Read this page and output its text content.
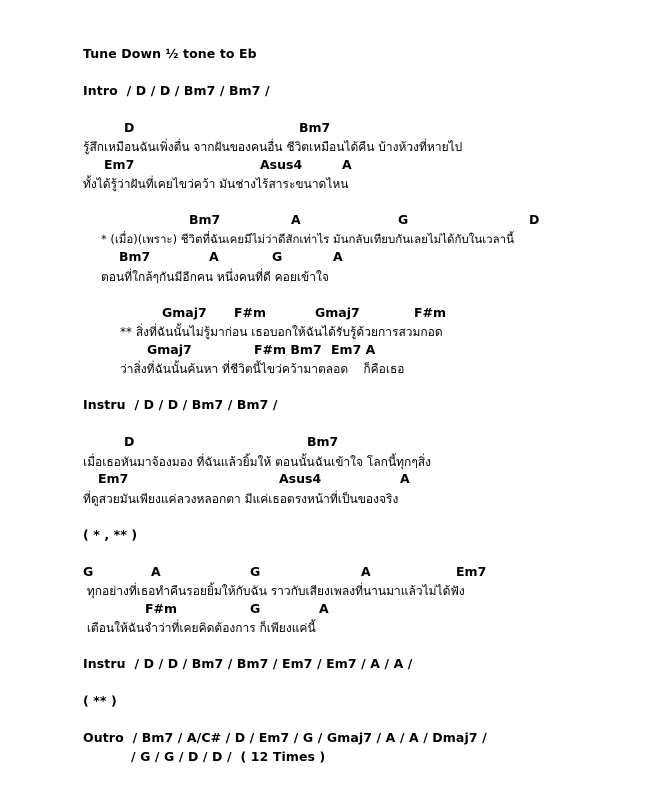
Tune Down ½ tone to Eb
Intro  / D / D / Bm7 / Bm7 /
D	Bm7
รู้สึกเหมือนฉันเพิ่งตื่น จากฝันของคนอื่น ชีวิตเหมือนได้คืน บ้างห้วงที่หายไป
Em7	Asus4	A
ทั้งได้รู้ว่าฝันที่เคยไขว่คว้า มันช่างไร้สาระขนาดไหน
Bm7	A	G	D
* (เมื่อ)(เพราะ) ชีวิตที่ฉันเคยมีไม่ว่าดีสักเท่าไร มันกลับเทียบกันเลยไม่ได้กับในเวลานี้
Bm7	A	G	A
ตอนที่ใกล้ๆกันมีอีกคน หนึ่งคนที่ดี คอยเข้าใจ
Gmaj7 F#m	Gmaj7	F#m
** สิ่งที่ฉันนั้นไม่รู้มาก่อน เธอบอกให้ฉันได้รับรู้ด้วยการสวมกอด
Gmaj7	F#m Bm7 Em7 A
ว่าสิ่งที่ฉันนั้นค้นหา ที่ชีวิตนี้ไขว่คว้ามาตลอด    ก็คือเธอ
Instru  / D / D / Bm7 / Bm7 /
D	Bm7
เมื่อเธอหันมาจ้องมอง ที่ฉันแล้วยิ้มให้ ตอนนั้นฉันเข้าใจ โลกนี้ทุกๆสิ่ง
Em7	Asus4	A
ที่ดูสวยมันเพียงแค่ลวงหลอกตา มีแค่เธอตรงหน้าที่เป็นของจริง
( * , ** )
G	A	G	A	Em7
ทุกอย่างที่เธอทำคืนรอยยิ้มให้กับฉัน ราวกับเสียงเพลงที่นานมาแล้วไม่ได้ฟัง
F#m	G	A
เตือนให้ฉันจำว่าที่เคยคิดต้องการ ก็เพียงแค่นี้
Instru  / D / D / Bm7 / Bm7 / Em7 / Em7 / A / A /
( ** )
Outro  / Bm7 / A/C# / D / Em7 / G / Gmaj7 / A / A / Dmaj7 /
/ G / G / D / D /  ( 12 Times )
